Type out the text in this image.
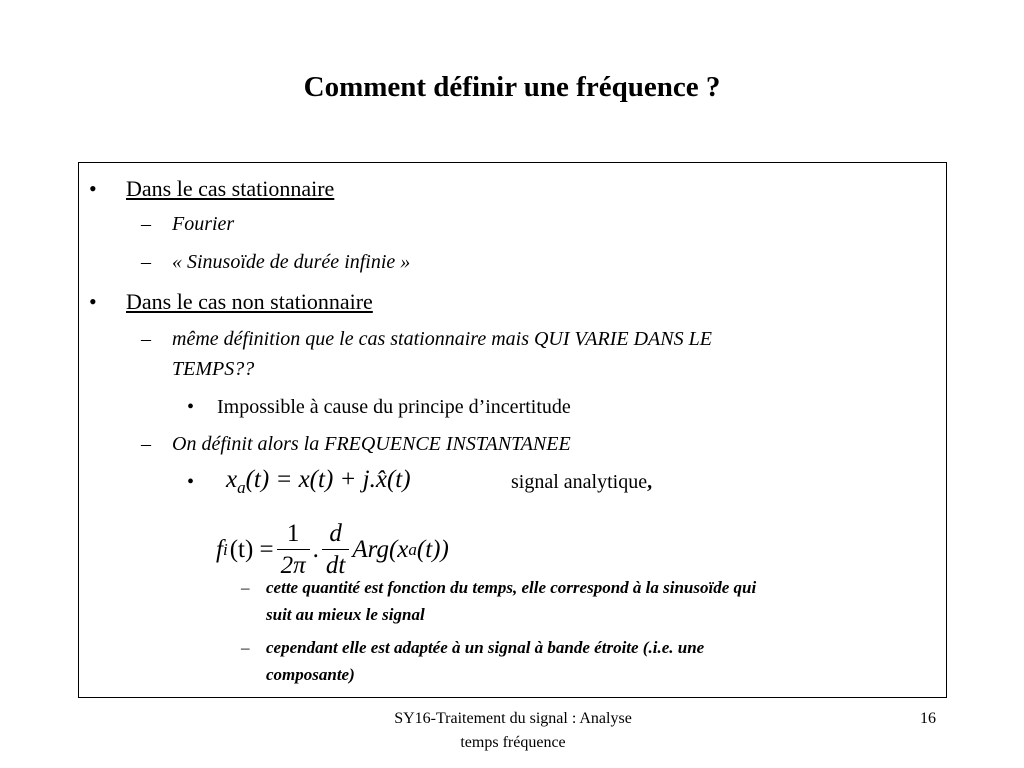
Comment définir une fréquence ?
• Dans le cas stationnaire
– Fourier
– « Sinusoïde de durée infinie »
• Dans le cas non stationnaire
– même définition que le cas stationnaire mais QUI VARIE DANS LE
TEMPS??
• Impossible à cause du principe d’incertitude
– On définit alors la FREQUENCE INSTANTANEE
• $x_a(t) = x(t)$ + j.x̂(t)	signal analytique,
f i $(t) = \frac{1}{2\pi}$ . $\frac{d}{dt} Arg(x$ a (t))
– cette quantité est fonction du temps, elle correspond à la sinusoïde qui
suit au mieux le signal
– cependant elle est adaptée à un signal à bande étroite (.i.e. une
composante)
SY16-Traitement du signal : Analyse
temps fréquence
16
